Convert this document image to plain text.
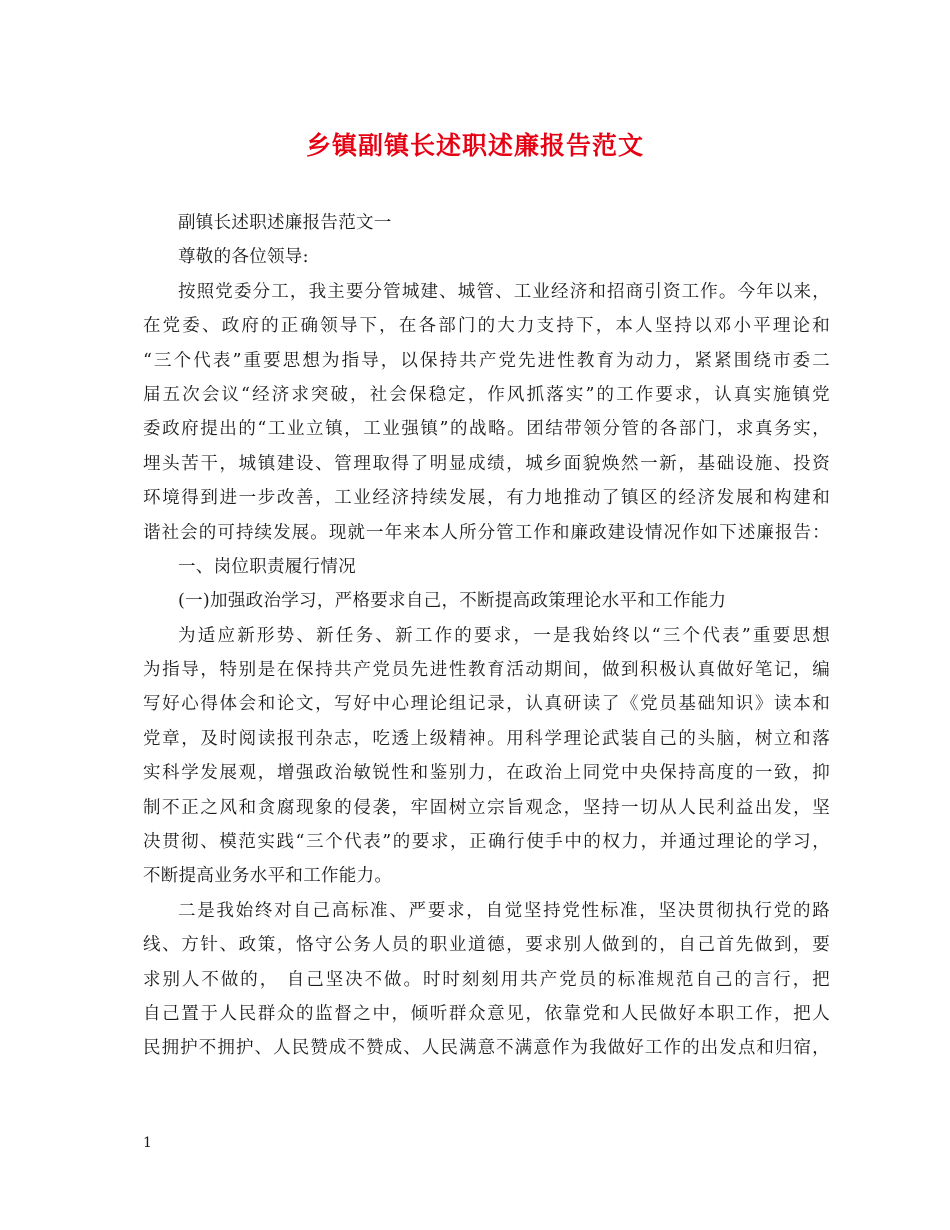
乡镇副镇长述职述廉报告范文
副镇长述职述廉报告范文一
尊敬的各位领导:
按照党委分工，我主要分管城建、城管、工业经济和招商引资工作。今年以来，
在党委、政府的正确领导下，在各部门的大力支持下，本人坚持以邓小平理论和
“三个代表”重要思想为指导，以保持共产党先进性教育为动力，紧紧围绕市委二
届五次会议“经济求突破，社会保稳定，作风抓落实”的工作要求，认真实施镇党
委政府提出的“工业立镇，工业强镇”的战略。团结带领分管的各部门，求真务实，
埋头苦干，城镇建设、管理取得了明显成绩，城乡面貌焕然一新，基础设施、投资
环境得到进一步改善，工业经济持续发展，有力地推动了镇区的经济发展和构建和
谐社会的可持续发展。现就一年来本人所分管工作和廉政建设情况作如下述廉报告：
一、岗位职责履行情况
(一)加强政治学习，严格要求自己，不断提高政策理论水平和工作能力
为适应新形势、新任务、新工作的要求，一是我始终以“三个代表”重要思想
为指导，特别是在保持共产党员先进性教育活动期间，做到积极认真做好笔记，编
写好心得体会和论文，写好中心理论组记录，认真研读了《党员基础知识》读本和
党章，及时阅读报刊杂志，吃透上级精神。用科学理论武装自己的头脑，树立和落
实科学发展观，增强政治敏锐性和鉴别力，在政治上同党中央保持高度的一致，抑
制不正之风和贪腐现象的侵袭，牢固树立宗旨观念，坚持一切从人民利益出发，坚
决贯彻、模范实践“三个代表”的要求，正确行使手中的权力，并通过理论的学习，
不断提高业务水平和工作能力。
二是我始终对自己高标准、严要求，自觉坚持党性标准，坚决贯彻执行党的路
线、方针、政策，恪守公务人员的职业道德，要求别人做到的，自己首先做到，要
求别人不做的， 自己坚决不做。时时刻刻用共产党员的标准规范自己的言行，把
自己置于人民群众的监督之中，倾听群众意见，依靠党和人民做好本职工作，把人
民拥护不拥护、人民赞成不赞成、人民满意不满意作为我做好工作的出发点和归宿，
1
